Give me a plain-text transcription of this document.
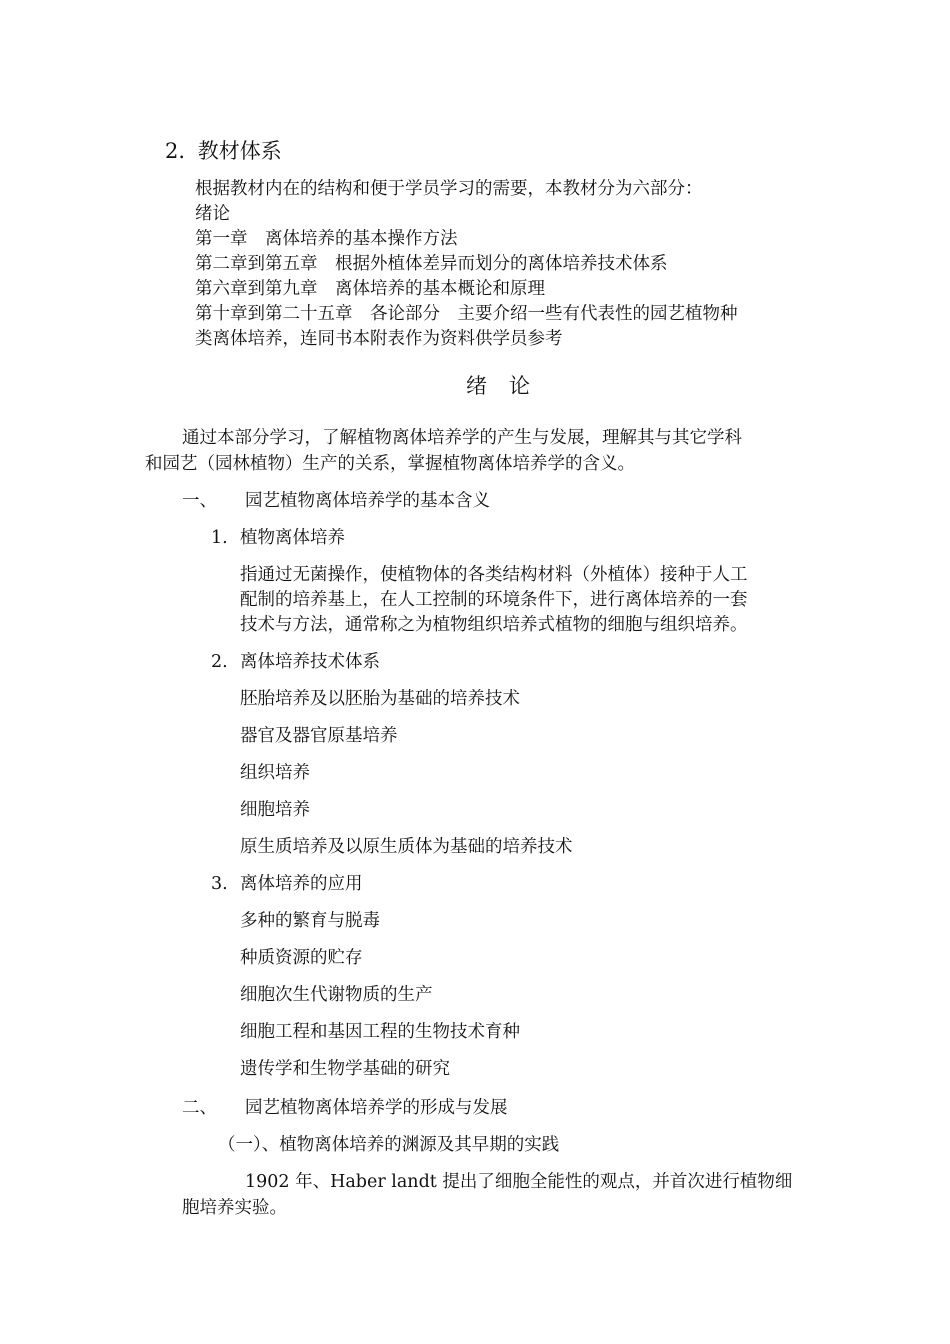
2. 教材体系
根据教材内在的结构和便于学员学习的需要，本教材分为六部分：
绪论
第一章　离体培养的基本操作方法
第二章到第五章　根据外植体差异而划分的离体培养技术体系
第六章到第九章　离体培养的基本概论和原理
第十章到第二十五章　各论部分　主要介绍一些有代表性的园艺植物种
类离体培养，连同书本附表作为资料供学员参考
绪论
通过本部分学习，了解植物离体培养学的产生与发展，理解其与其它学科
和园艺（园林植物）生产的关系，掌握植物离体培养学的含义。
一、 园艺植物离体培养学的基本含义
1. 植物离体培养
指通过无菌操作，使植物体的各类结构材料（外植体）接种于人工
配制的培养基上，在人工控制的环境条件下，进行离体培养的一套
技术与方法，通常称之为植物组织培养式植物的细胞与组织培养。
2. 离体培养技术体系
胚胎培养及以胚胎为基础的培养技术
器官及器官原基培养
组织培养
细胞培养
原生质培养及以原生质体为基础的培养技术
3. 离体培养的应用
多种的繁育与脱毒
种质资源的贮存
细胞次生代谢物质的生产
细胞工程和基因工程的生物技术育种
遗传学和生物学基础的研究
二、 园艺植物离体培养学的形成与发展
（一）、植物离体培养的渊源及其早期的实践
1902 年、Haber landt 提出了细胞全能性的观点，并首次进行植物细
胞培养实验。
